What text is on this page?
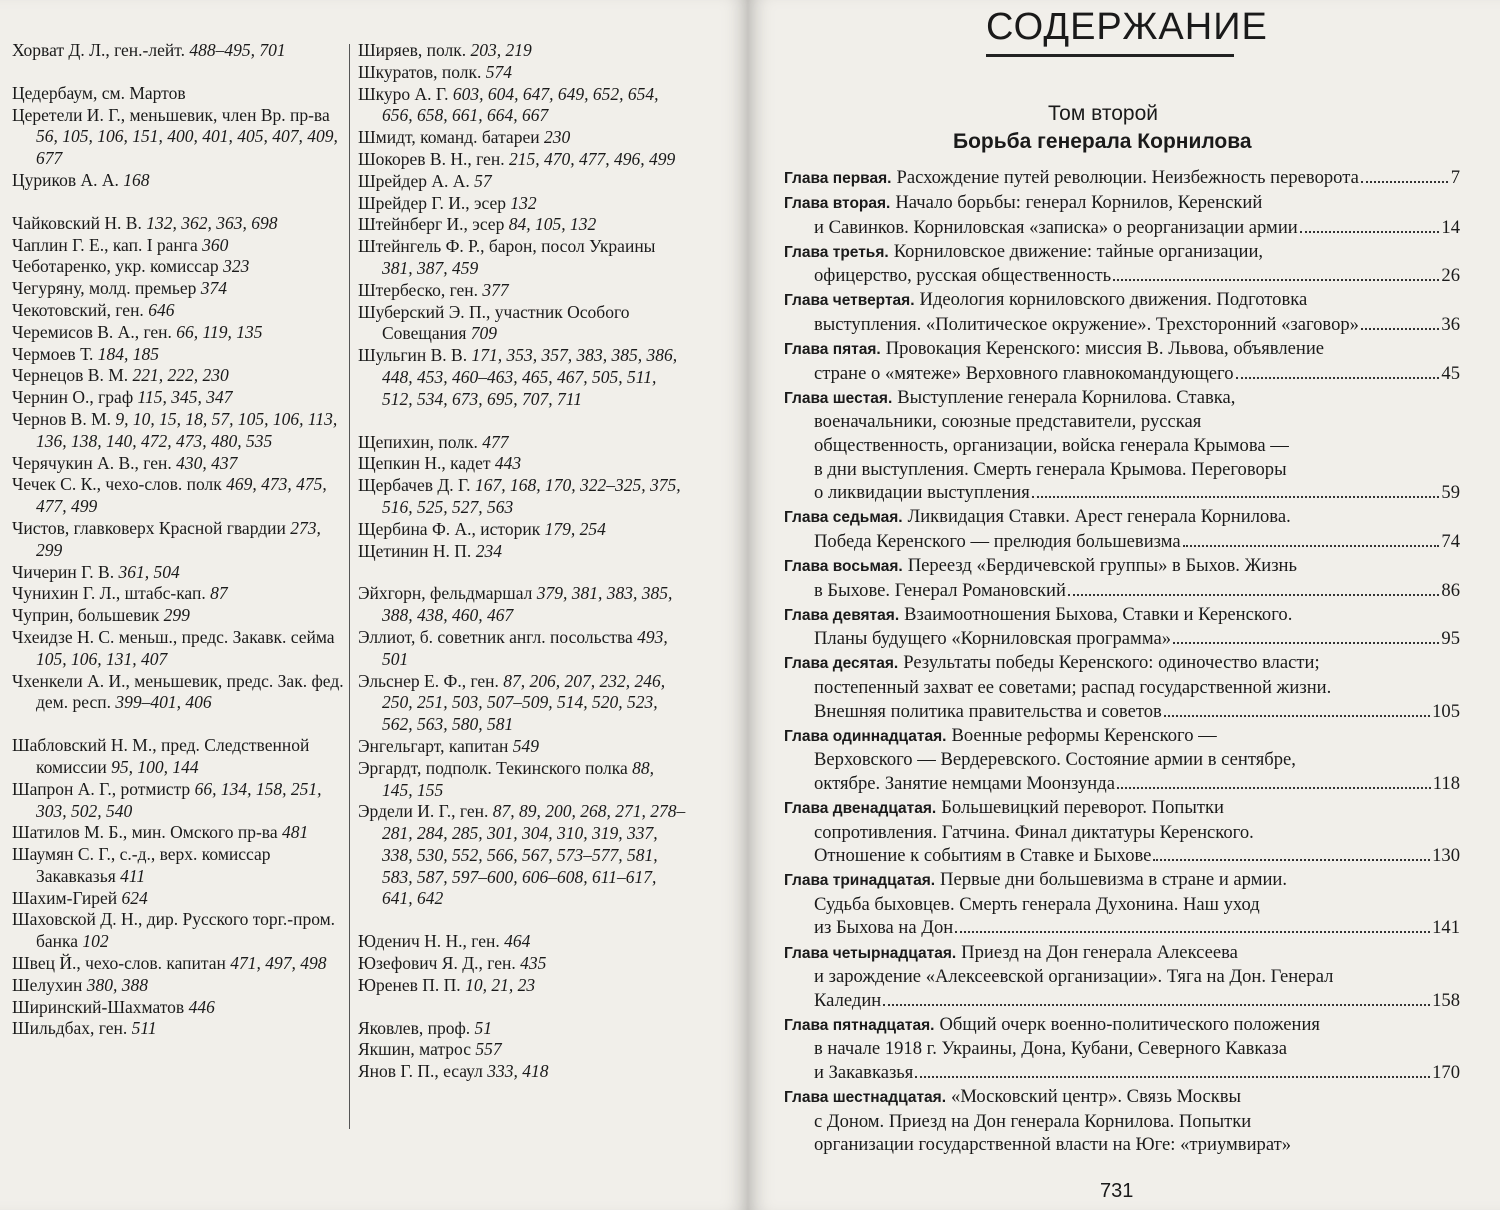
Хорват Д. Л., ген.-лейт. 488–495, 701

Цедербаум, см. Мартов

Церетели И. Г., меньшевик, член Вр. пр-ва 56, 105, 106, 151, 400, 401, 405, 407, 409, 677

Цуриков А. А. 168

Чайковский Н. В. 132, 362, 363, 698

Чаплин Г. Е., кап. I ранга 360

Чеботаренко, укр. комиссар 323

Чегуряну, молд. премьер 374

Чекотовский, ген. 646

Черемисов В. А., ген. 66, 119, 135

Чермоев Т. 184, 185

Чернецов В. М. 221, 222, 230

Чернин О., граф 115, 345, 347

Чернов В. М. 9, 10, 15, 18, 57, 105, 106, 113, 136, 138, 140, 472, 473, 480, 535

Черячукин А. В., ген. 430, 437

Чечек С. К., чехо-слов. полк 469, 473, 475, 477, 499

Чистов, главковерх Красной гвардии 273, 299

Чичерин Г. В. 361, 504

Чунихин Г. Л., штабс-кап. 87

Чуприн, большевик 299

Чхеидзе Н. С. меньш., предс. Закавк. сейма 105, 106, 131, 407

Чхенкели А. И., меньшевик, предс. Зак. фед. дем. респ. 399–401, 406

Шабловский Н. М., пред. Следственной комиссии 95, 100, 144

Шапрон А. Г., ротмистр 66, 134, 158, 251, 303, 502, 540

Шатилов М. Б., мин. Омского пр-ва 481

Шаумян С. Г., с.-д., верх. комиссар Закавказья 411

Шахим-Гирей 624

Шаховской Д. Н., дир. Русского торг.-пром. банка 102

Швец Й., чехо-слов. капитан 471, 497, 498

Шелухин 380, 388

Ширинский-Шахматов 446

Шильдбах, ген. 511

Ширяев, полк. 203, 219

Шкуратов, полк. 574

Шкуро А. Г. 603, 604, 647, 649, 652, 654, 656, 658, 661, 664, 667

Шмидт, команд. батареи 230

Шокорев В. Н., ген. 215, 470, 477, 496, 499

Шрейдер А. А. 57

Шрейдер Г. И., эсер 132

Штейнберг И., эсер 84, 105, 132

Штейнгель Ф. Р., барон, посол Украины 381, 387, 459

Штербеско, ген. 377

Шуберский Э. П., участник Особого Совещания 709

Шульгин В. В. 171, 353, 357, 383, 385, 386, 448, 453, 460–463, 465, 467, 505, 511, 512, 534, 673, 695, 707, 711

Щепихин, полк. 477

Щепкин Н., кадет 443

Щербачев Д. Г. 167, 168, 170, 322–325, 375, 516, 525, 527, 563

Щербина Ф. А., историк 179, 254

Щетинин Н. П. 234

Эйхгорн, фельдмаршал 379, 381, 383, 385, 388, 438, 460, 467

Эллиот, б. советник англ. посольства 493, 501

Эльснер Е. Ф., ген. 87, 206, 207, 232, 246, 250, 251, 503, 507–509, 514, 520, 523, 562, 563, 580, 581

Энгельгарт, капитан 549

Эргардт, подполк. Текинского полка 88, 145, 155

Эрдели И. Г., ген. 87, 89, 200, 268, 271, 278–281, 284, 285, 301, 304, 310, 319, 337, 338, 530, 552, 566, 567, 573–577, 581, 583, 587, 597–600, 606–608, 611–617, 641, 642

Юденич Н. Н., ген. 464

Юзефович Я. Д., ген. 435

Юренев П. П. 10, 21, 23

Яковлев, проф. 51

Якшин, матрос 557

Янов Г. П., есаул 333, 418

СОДЕРЖАНИЕ
Том второй
Борьба генерала Корнилова
Глава первая. Расхождение путей революции. Неизбежность переворота	7
Глава вторая. Начало борьбы: генерал Корнилов, Керенский
и Савинков. Корниловская «записка» о реорганизации армии	14
Глава третья. Корниловское движение: тайные организации,
офицерство, русская общественность	26
Глава четвертая. Идеология корниловского движения. Подготовка
выступления. «Политическое окружение». Трехсторонний «заговор»	36
Глава пятая. Провокация Керенского: миссия В. Львова, объявление
стране о «мятеже» Верховного главнокомандующего	45
Глава шестая. Выступление генерала Корнилова. Ставка,
военачальники, союзные представители, русская
общественность, организации, войска генерала Крымова —
в дни выступления. Смерть генерала Крымова. Переговоры
о ликвидации выступления	59
Глава седьмая. Ликвидация Ставки. Арест генерала Корнилова.
Победа Керенского — прелюдия большевизма	74
Глава восьмая. Переезд «Бердичевской группы» в Быхов. Жизнь
в Быхове. Генерал Романовский	86
Глава девятая. Взаимоотношения Быхова, Ставки и Керенского.
Планы будущего «Корниловская программа»	95
Глава десятая. Результаты победы Керенского: одиночество власти;
постепенный захват ее советами; распад государственной жизни.
Внешняя политика правительства и советов	105
Глава одиннадцатая. Военные реформы Керенского —
Верховского — Вердеревского. Состояние армии в сентябре,
октябре. Занятие немцами Моонзунда	118
Глава двенадцатая. Большевицкий переворот. Попытки
сопротивления. Гатчина. Финал диктатуры Керенского.
Отношение к событиям в Ставке и Быхове	130
Глава тринадцатая. Первые дни большевизма в стране и армии.
Судьба быховцев. Смерть генерала Духонина. Наш уход
из Быхова на Дон	141
Глава четырнадцатая. Приезд на Дон генерала Алексеева
и зарождение «Алексеевской организации». Тяга на Дон. Генерал
Каледин	158
Глава пятнадцатая. Общий очерк военно-политического положения
в начале 1918 г. Украины, Дона, Кубани, Северного Кавказа
и Закавказья	170
Глава шестнадцатая. «Московский центр». Связь Москвы
с Доном. Приезд на Дон генерала Корнилова. Попытки
организации государственной власти на Юге: «триумвират»
731
